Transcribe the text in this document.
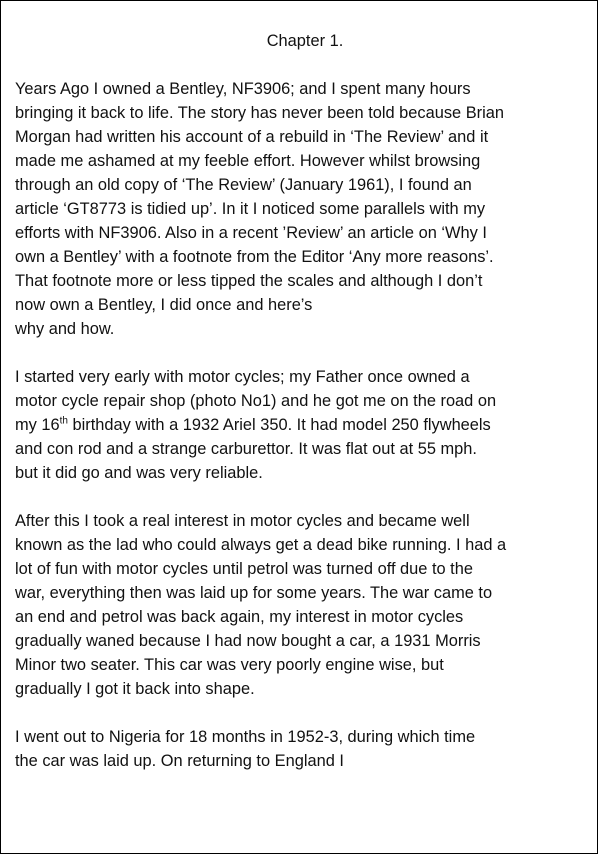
Chapter 1.
Years Ago I owned a Bentley, NF3906; and I spent many hours
bringing it back to life. The story has never been told because Brian
Morgan had written his account of a rebuild in ‘The Review’ and it
made me ashamed at my feeble effort. However whilst browsing
through an old copy of ‘The Review’ (January 1961), I found an
article ‘GT8773 is tidied up’. In it I noticed some parallels with my
efforts with NF3906. Also in a recent ’Review’ an article on ‘Why I
own a Bentley’ with a footnote from the Editor ‘Any more reasons’.
That footnote more or less tipped the scales and although I don’t
now own a Bentley, I did once and here’s
why and how.
I started very early with motor cycles; my Father once owned a
motor cycle repair shop (photo No1) and he got me on the road on
my 16th birthday with a 1932 Ariel 350. It had model 250 flywheels
and con rod and a strange carburettor. It was flat out at 55 mph.
but it did go and was very reliable.
After this I took a real interest in motor cycles and became well
known as the lad who could always get a dead bike running. I had a
lot of fun with motor cycles until petrol was turned off due to the
war, everything then was laid up for some years. The war came to
an end and petrol was back again, my interest in motor cycles
gradually waned because I had now bought a car, a 1931 Morris
Minor two seater. This car was very poorly engine wise, but
gradually I got it back into shape.
I went out to Nigeria for 18 months in 1952-3, during which time
the car was laid up. On returning to England I
